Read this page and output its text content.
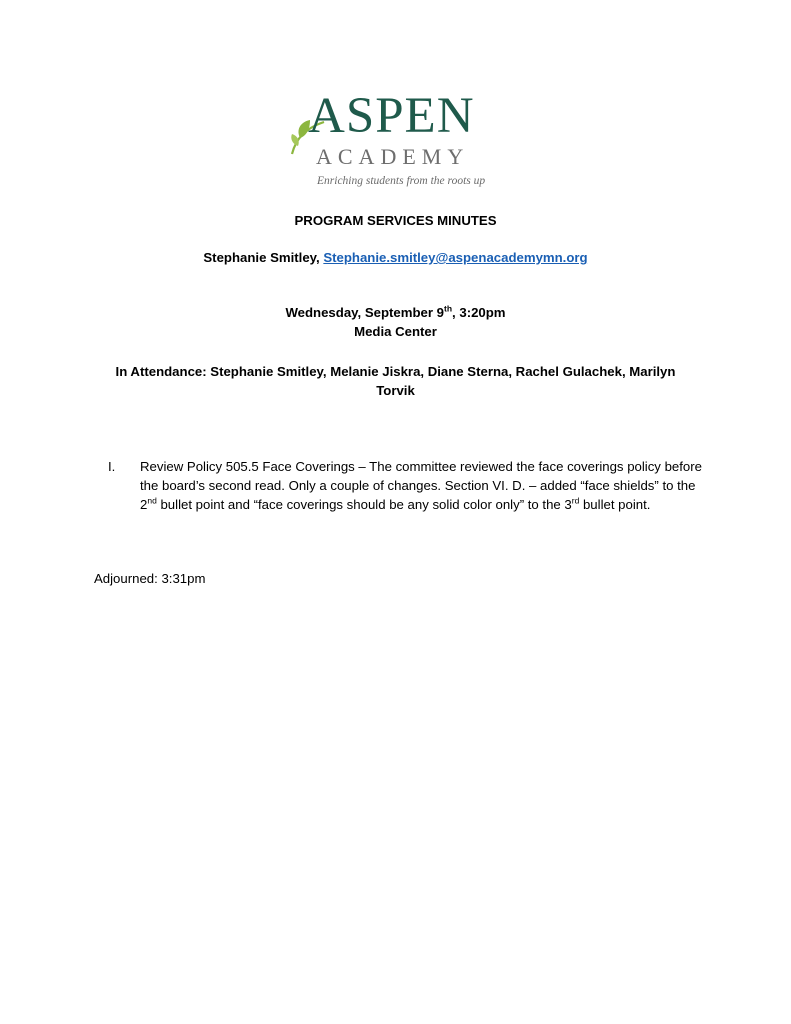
ASPEN
ACADEMY
Enriching students from the roots up
PROGRAM SERVICES MINUTES
Stephanie Smitley, Stephanie.smitley@aspenacademymn.org
Wednesday, September 9th, 3:20pm
Media Center
In Attendance: Stephanie Smitley, Melanie Jiskra, Diane Sterna, Rachel Gulachek, Marilyn Torvik
I. Review Policy 505.5 Face Coverings – The committee reviewed the face coverings policy before the board’s second read. Only a couple of changes. Section VI. D. – added “face shields” to the 2nd bullet point and “face coverings should be any solid color only” to the 3rd bullet point.
Adjourned: 3:31pm
